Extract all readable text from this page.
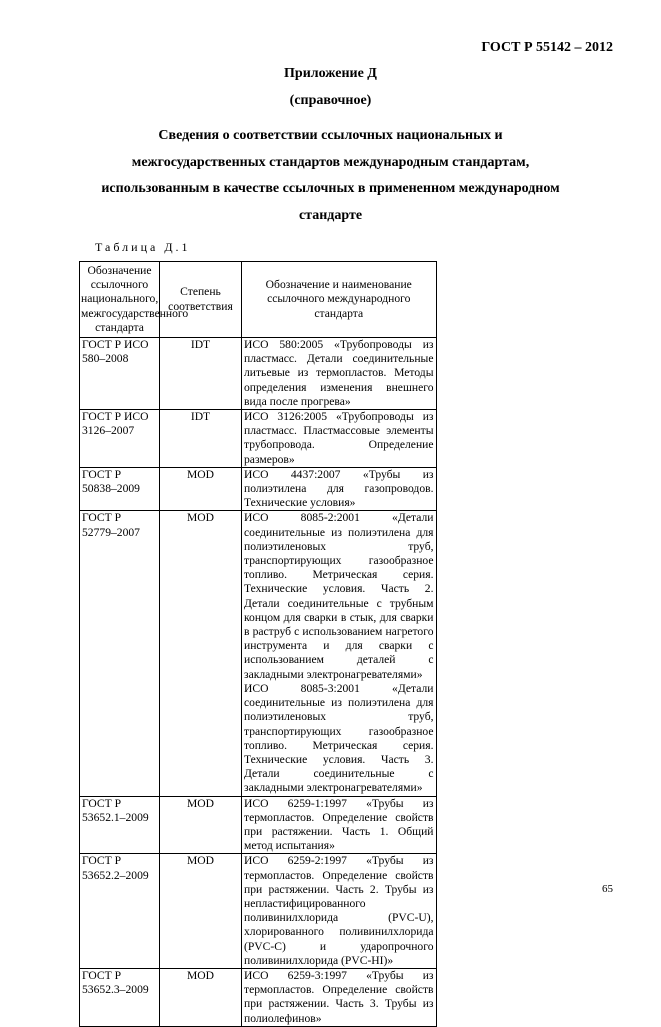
ГОСТ Р 55142 – 2012
Приложение Д
(справочное)
Сведения о соответствии ссылочных национальных и
межгосударственных стандартов международным стандартам,
использованным в качестве ссылочных в примененном международном
стандарте
Таблица Д.1
Обозначение ссылочного национального, межгосударственного стандарта	Степень соответствия	Обозначение и наименование ссылочного международного стандарта
ГОСТ Р ИСО 580–2008	IDT	ИСО 580:2005 «Трубопроводы из пластмасс. Детали соединительные литьевые из термопластов. Методы определения изменения внешнего вида после прогрева»

ГОСТ Р ИСО 3126–2007	IDT	ИСО 3126:2005 «Трубопроводы из пластмасс. Пластмассовые элементы трубопровода. Определение размеров»

ГОСТ Р 50838–2009	MOD	ИСО 4437:2007 «Трубы из полиэтилена для газопроводов. Технические условия»

ГОСТ Р 52779–2007	MOD	ИСО 8085-2:2001 «Детали соединительные из полиэтилена для полиэтиленовых труб, транспортирующих газообразное топливо. Метрическая серия. Технические условия. Часть 2. Детали соединительные с трубным концом для сварки в стык, для сварки в раструб с использованием нагретого инструмента и для сварки с использованием деталей с закладными электронагревателями»
ИСО 8085-3:2001 «Детали соединительные из полиэтилена для полиэтиленовых труб, транспортирующих газообразное топливо. Метрическая серия. Технические условия. Часть 3. Детали соединительные с закладными электронагревателями»

ГОСТ Р 53652.1–2009	MOD	ИСО 6259-1:1997 «Трубы из термопластов. Определение свойств при растяжении. Часть 1. Общий метод испытания»

ГОСТ Р 53652.2–2009	MOD	ИСО 6259-2:1997 «Трубы из термопластов. Определение свойств при растяжении. Часть 2. Трубы из непластифицированного поливинилхлорида (PVC-U), хлорированного поливинилхлорида (PVC-C) и ударопрочного поливинилхлорида (PVC-HI)»

ГОСТ Р 53652.3–2009	MOD	ИСО 6259-3:1997 «Трубы из термопластов. Определение свойств при растяжении. Часть 3. Трубы из полиолефинов»
65
